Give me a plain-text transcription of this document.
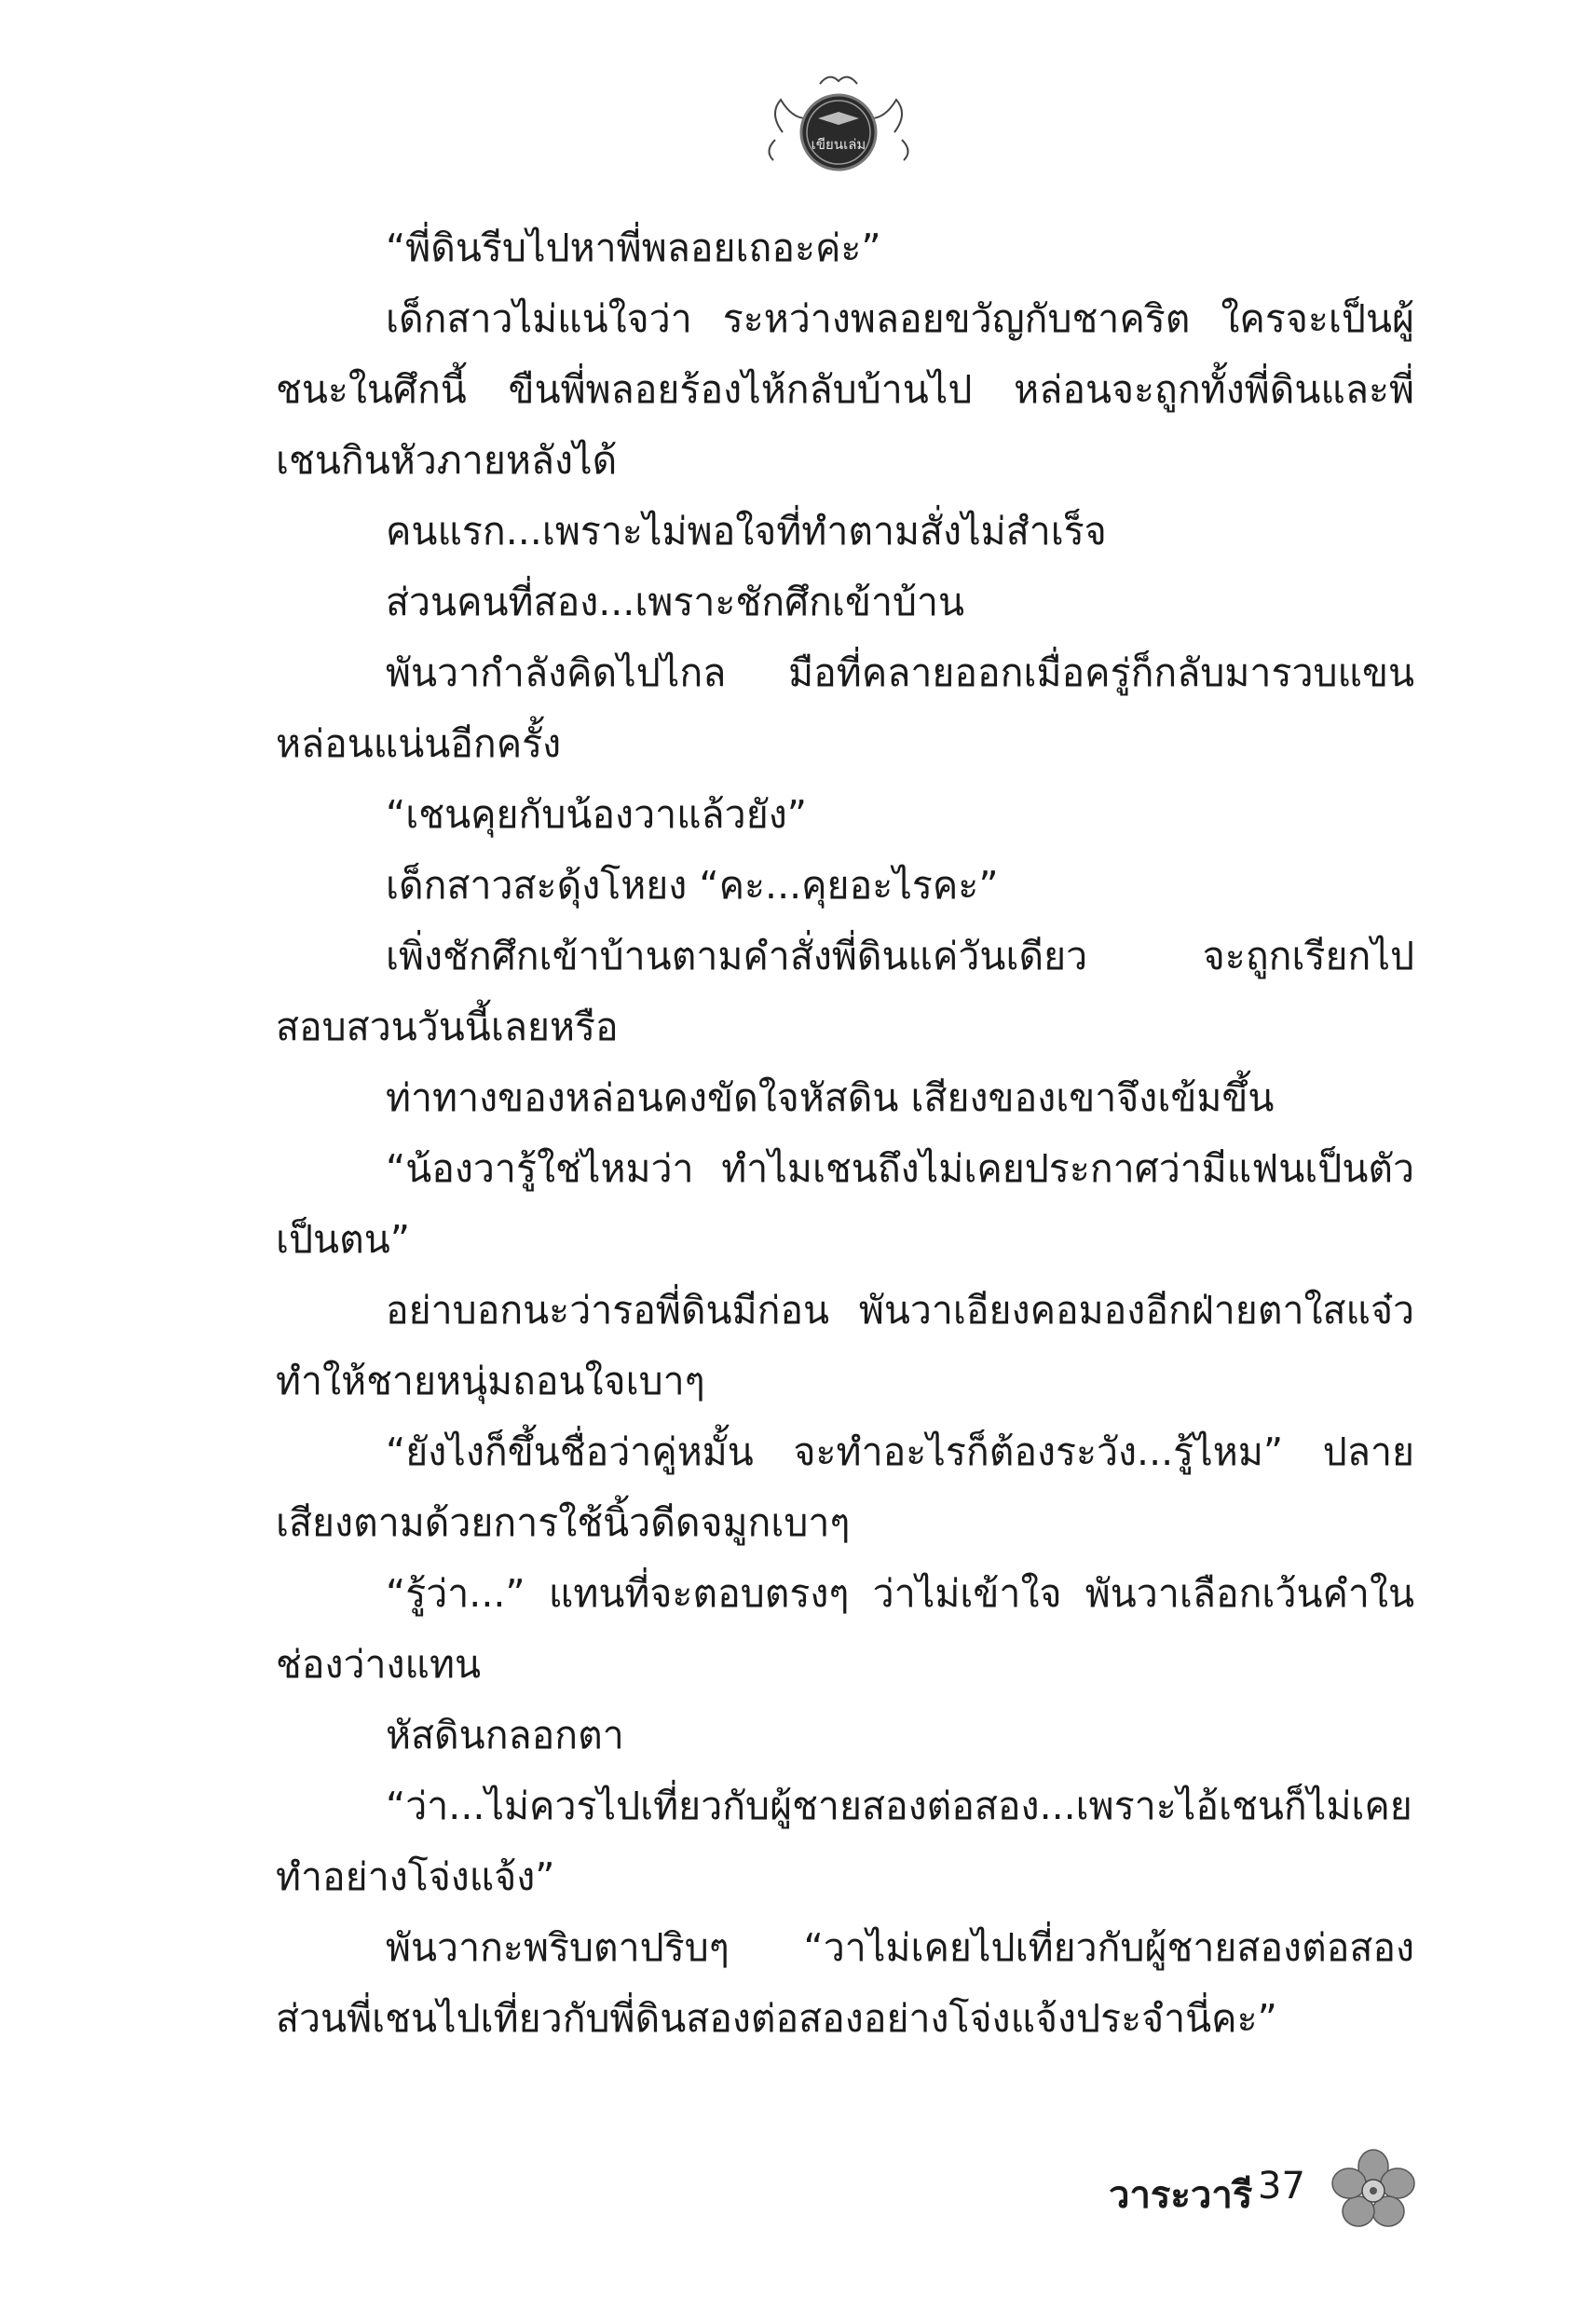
เขียนเล่ม

“พี่ดินรีบไปหาพี่พลอยเถอะค่ะ”

เด็กสาวไม่แน่ใจว่า ระหว่างพลอยขวัญกับชาคริต ใครจะเป็นผู้ชนะในศึกนี้ ขืนพี่พลอยร้องไห้กลับบ้านไป หล่อนจะถูกทั้งพี่ดินและพี่เชนกินหัวภายหลังได้

คนแรก...เพราะไม่พอใจที่ทำตามสั่งไม่สำเร็จ

ส่วนคนที่สอง...เพราะชักศึกเข้าบ้าน

พันวากำลังคิดไปไกล มือที่คลายออกเมื่อครู่ก็กลับมารวบแขนหล่อนแน่นอีกครั้ง

“เชนคุยกับน้องวาแล้วยัง”

เด็กสาวสะดุ้งโหยง “คะ...คุยอะไรคะ”

เพิ่งชักศึกเข้าบ้านตามคำสั่งพี่ดินแค่วันเดียว จะถูกเรียกไปสอบสวนวันนี้เลยหรือ

ท่าทางของหล่อนคงขัดใจหัสดิน เสียงของเขาจึงเข้มขึ้น

“น้องวารู้ใช่ไหมว่า ทำไมเชนถึงไม่เคยประกาศว่ามีแฟนเป็นตัวเป็นตน”

อย่าบอกนะว่ารอพี่ดินมีก่อน พันวาเอียงคอมองอีกฝ่ายตาใสแจ๋ว ทำให้ชายหนุ่มถอนใจเบาๆ

“ยังไงก็ขึ้นชื่อว่าคู่หมั้น จะทำอะไรก็ต้องระวัง...รู้ไหม” ปลายเสียงตามด้วยการใช้นิ้วดีดจมูกเบาๆ

“รู้ว่า...” แทนที่จะตอบตรงๆ ว่าไม่เข้าใจ พันวาเลือกเว้นคำในช่องว่างแทน

หัสดินกลอกตา

“ว่า...ไม่ควรไปเที่ยวกับผู้ชายสองต่อสอง...เพราะไอ้เชนก็ไม่เคยทำอย่างโจ่งแจ้ง”

พันวากะพริบตาปริบๆ “วาไม่เคยไปเที่ยวกับผู้ชายสองต่อสอง ส่วนพี่เชนไปเที่ยวกับพี่ดินสองต่อสองอย่างโจ่งแจ้งประจำนี่คะ”

วาระวารี 37
